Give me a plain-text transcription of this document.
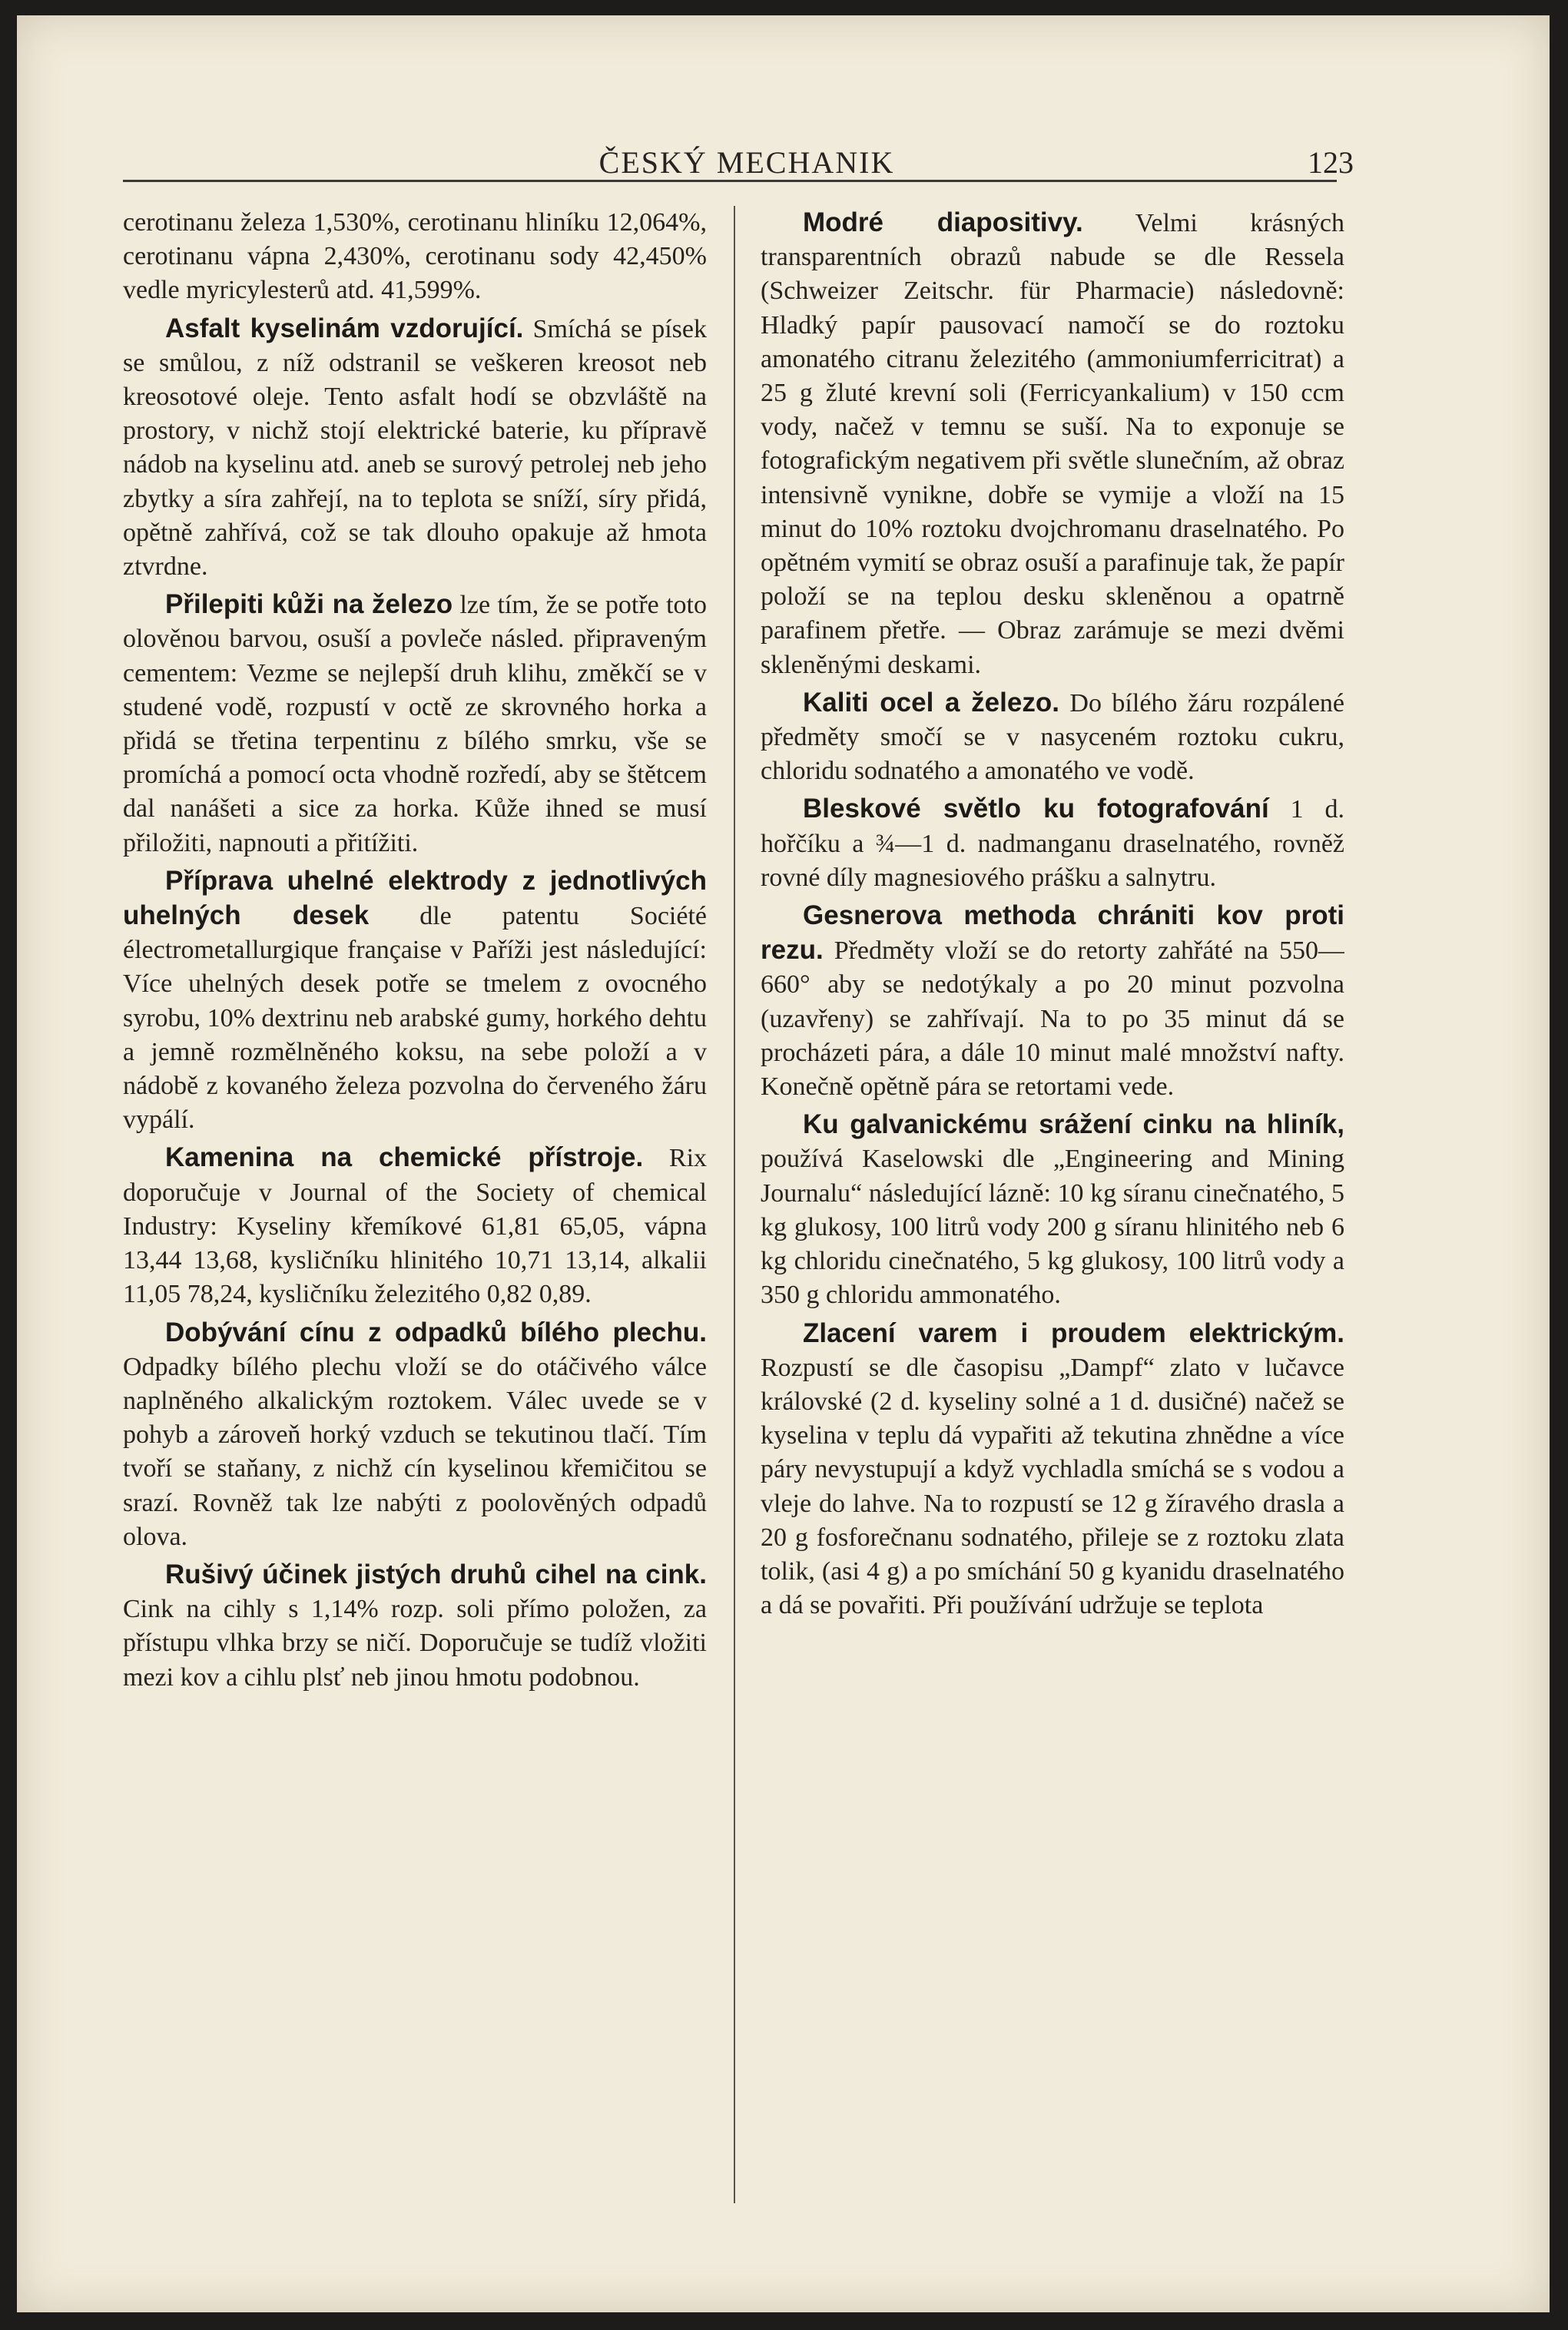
ČESKÝ MECHANIK	123

cerotinanu železa 1,530%, cerotinanu hliníku 12,064%, cerotinanu vápna 2,430%, cerotinanu sody 42,450% vedle myricylesterů atd. 41,599%.

Asfalt kyselinám vzdorující. Smíchá se písek se smůlou, z níž odstranil se veškeren kreosot neb kreosotové oleje. Tento asfalt hodí se obzvláště na prostory, v nichž stojí elektrické baterie, ku přípravě nádob na kyselinu atd. aneb se surový petrolej neb jeho zbytky a síra zahřejí, na to teplota se sníží, síry přidá, opětně zahřívá, což se tak dlouho opakuje až hmota ztvrdne.

Přilepiti kůži na železo lze tím, že se potře toto olověnou barvou, osuší a povleče násled. připraveným cementem: Vezme se nejlepší druh klihu, změkčí se v studené vodě, rozpustí v octě ze skrovného horka a přidá se třetina terpentinu z bílého smrku, vše se promíchá a pomocí octa vhodně rozředí, aby se štětcem dal nanášeti a sice za horka. Kůže ihned se musí přiložiti, napnouti a přitížiti.

Příprava uhelné elektrody z jednotlivých uhelných desek dle patentu Société électrometallurgique française v Paříži jest následující: Více uhelných desek potře se tmelem z ovocného syrobu, 10% dextrinu neb arabské gumy, horkého dehtu a jemně rozmělněného koksu, na sebe položí a v nádobě z kovaného železa pozvolna do červeného žáru vypálí.

Kamenina na chemické přístroje. Rix doporučuje v Journal of the Society of chemical Industry: Kyseliny křemíkové 61,81 65,05, vápna 13,44 13,68, kysličníku hlinitého 10,71 13,14, alkalii 11,05 78,24, kysličníku železitého 0,82 0,89.

Dobývání cínu z odpadků bílého plechu. Odpadky bílého plechu vloží se do otáčivého válce naplněného alkalickým roztokem. Válec uvede se v pohyb a zároveň horký vzduch se tekutinou tlačí. Tím tvoří se staňany, z nichž cín kyselinou křemičitou se srazí. Rovněž tak lze nabýti z poolověných odpadů olova.

Rušivý účinek jistých druhů cihel na cink. Cink na cihly s 1,14% rozp. soli přímo položen, za přístupu vlhka brzy se ničí. Doporučuje se tudíž vložiti mezi kov a cihlu plsť neb jinou hmotu podobnou.

Modré diapositivy. Velmi krásných transparentních obrazů nabude se dle Ressela (Schweizer Zeitschr. für Pharmacie) následovně: Hladký papír pausovací namočí se do roztoku amonatého citranu železitého (ammoniumferricitrat) a 25 g žluté krevní soli (Ferricyankalium) v 150 ccm vody, načež v temnu se suší. Na to exponuje se fotografickým negativem při světle slunečním, až obraz intensivně vynikne, dobře se vymije a vloží na 15 minut do 10% roztoku dvojchromanu draselnatého. Po opětném vymití se obraz osuší a parafinuje tak, že papír položí se na teplou desku skleněnou a opatrně parafinem přetře. — Obraz zarámuje se mezi dvěmi skleněnými deskami.

Kaliti ocel a železo. Do bílého žáru rozpálené předměty smočí se v nasyceném roztoku cukru, chloridu sodnatého a amonatého ve vodě.

Bleskové světlo ku fotografování 1 d. hořčíku a ¾—1 d. nadmanganu draselnatého, rovněž rovné díly magnesiového prášku a salnytru.

Gesnerova methoda chrániti kov proti rezu. Předměty vloží se do retorty zahřáté na 550—660° aby se nedotýkaly a po 20 minut pozvolna (uzavřeny) se zahřívají. Na to po 35 minut dá se procházeti pára, a dále 10 minut malé množství nafty. Konečně opětně pára se retortami vede.

Ku galvanickému srážení cinku na hliník, používá Kaselowski dle „Engineering and Mining Journalu“ následující lázně: 10 kg síranu cinečnatého, 5 kg glukosy, 100 litrů vody 200 g síranu hlinitého neb 6 kg chloridu cinečnatého, 5 kg glukosy, 100 litrů vody a 350 g chloridu ammonatého.

Zlacení varem i proudem elektrickým. Rozpustí se dle časopisu „Dampf“ zlato v lučavce královské (2 d. kyseliny solné a 1 d. dusičné) načež se kyselina v teplu dá vypařiti až tekutina zhnědne a více páry nevystupují a když vychladla smíchá se s vodou a vleje do lahve. Na to rozpustí se 12 g žíravého drasla a 20 g fosforečnanu sodnatého, přileje se z roztoku zlata tolik, (asi 4 g) a po smíchání 50 g kyanidu draselnatého a dá se povařiti. Při používání udržuje se teplota
